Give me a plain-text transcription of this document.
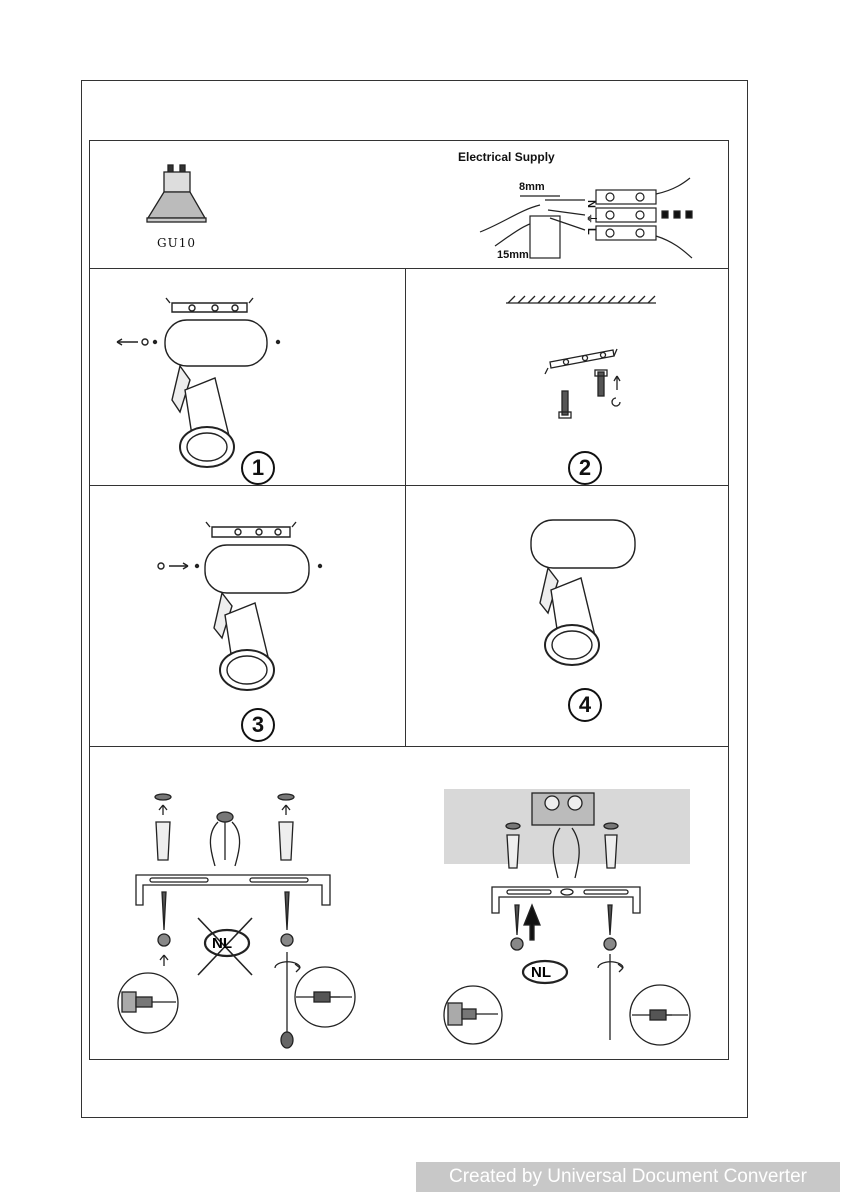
N
⏚
L
NL
NL
GU10
Electrical Supply
8mm
15mm
1	2
3
4
Created by Universal Document Converter
